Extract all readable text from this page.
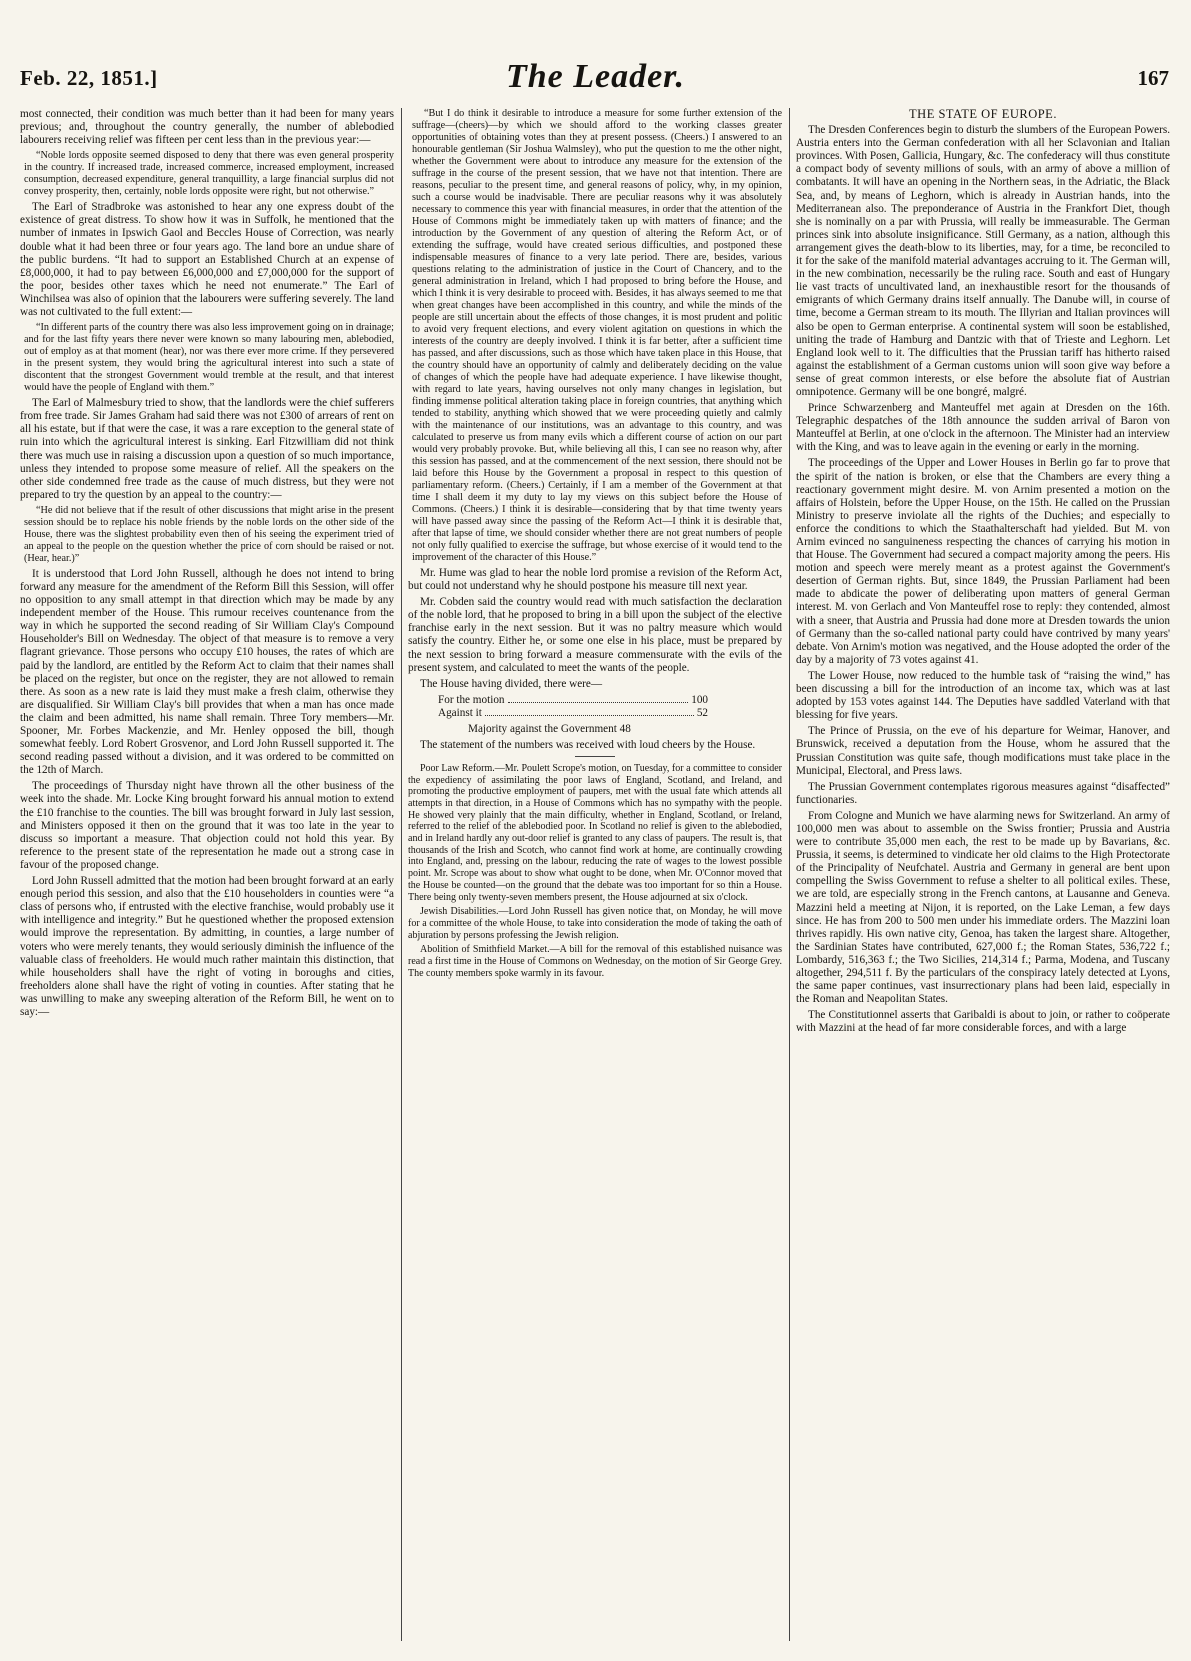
Feb. 22, 1851.]	The Leader.	167

most connected, their condition was much better than it had been for many years previous; and, throughout the country generally, the number of ablebodied labourers receiving relief was fifteen per cent less than in the previous year:—

“Noble lords opposite seemed disposed to deny that there was even general prosperity in the country. If increased trade, increased commerce, increased employment, increased consumption, decreased expenditure, general tranquillity, a large financial surplus did not convey prosperity, then, certainly, noble lords opposite were right, but not otherwise.”

The Earl of Stradbroke was astonished to hear any one express doubt of the existence of great distress. To show how it was in Suffolk, he mentioned that the number of inmates in Ipswich Gaol and Beccles House of Correction, was nearly double what it had been three or four years ago. The land bore an undue share of the public burdens. “It had to support an Established Church at an expense of £8,000,000, it had to pay between £6,000,000 and £7,000,000 for the support of the poor, besides other taxes which he need not enumerate.” The Earl of Winchilsea was also of opinion that the labourers were suffering severely. The land was not cultivated to the full extent:—

“In different parts of the country there was also less improvement going on in drainage; and for the last fifty years there never were known so many labouring men, ablebodied, out of employ as at that moment (hear), nor was there ever more crime. If they persevered in the present system, they would bring the agricultural interest into such a state of discontent that the strongest Government would tremble at the result, and that interest would have the people of England with them.”

The Earl of Malmesbury tried to show, that the landlords were the chief sufferers from free trade. Sir James Graham had said there was not £300 of arrears of rent on all his estate, but if that were the case, it was a rare exception to the general state of ruin into which the agricultural interest is sinking. Earl Fitzwilliam did not think there was much use in raising a discussion upon a question of so much importance, unless they intended to propose some measure of relief. All the speakers on the other side condemned free trade as the cause of much distress, but they were not prepared to try the question by an appeal to the country:—

“He did not believe that if the result of other discussions that might arise in the present session should be to replace his noble friends by the noble lords on the other side of the House, there was the slightest probability even then of his seeing the experiment tried of an appeal to the people on the question whether the price of corn should be raised or not. (Hear, hear.)”

It is understood that Lord John Russell, although he does not intend to bring forward any measure for the amendment of the Reform Bill this Session, will offer no opposition to any small attempt in that direction which may be made by any independent member of the House. This rumour receives countenance from the way in which he supported the second reading of Sir William Clay's Compound Householder's Bill on Wednesday. The object of that measure is to remove a very flagrant grievance. Those persons who occupy £10 houses, the rates of which are paid by the landlord, are entitled by the Reform Act to claim that their names shall be placed on the register, but once on the register, they are not allowed to remain there. As soon as a new rate is laid they must make a fresh claim, otherwise they are disqualified. Sir William Clay's bill provides that when a man has once made the claim and been admitted, his name shall remain. Three Tory members—Mr. Spooner, Mr. Forbes Mackenzie, and Mr. Henley opposed the bill, though somewhat feebly. Lord Robert Grosvenor, and Lord John Russell supported it. The second reading passed without a division, and it was ordered to be committed on the 12th of March.

The proceedings of Thursday night have thrown all the other business of the week into the shade. Mr. Locke King brought forward his annual motion to extend the £10 franchise to the counties. The bill was brought forward in July last session, and Ministers opposed it then on the ground that it was too late in the year to discuss so important a measure. That objection could not hold this year. By reference to the present state of the representation he made out a strong case in favour of the proposed change.

Lord John Russell admitted that the motion had been brought forward at an early enough period this session, and also that the £10 householders in counties were “a class of persons who, if entrusted with the elective franchise, would probably use it with intelligence and integrity.” But he questioned whether the proposed extension would improve the representation. By admitting, in counties, a large number of voters who were merely tenants, they would seriously diminish the influence of the valuable class of freeholders. He would much rather maintain this distinction, that while householders shall have the right of voting in boroughs and cities, freeholders alone shall have the right of voting in counties. After stating that he was unwilling to make any sweeping alteration of the Reform Bill, he went on to say:—

“But I do think it desirable to introduce a measure for some further extension of the suffrage—(cheers)—by which we should afford to the working classes greater opportunities of obtaining votes than they at present possess. (Cheers.) I answered to an honourable gentleman (Sir Joshua Walmsley), who put the question to me the other night, whether the Government were about to introduce any measure for the extension of the suffrage in the course of the present session, that we have not that intention. There are reasons, peculiar to the present time, and general reasons of policy, why, in my opinion, such a course would be inadvisable. There are peculiar reasons why it was absolutely necessary to commence this year with financial measures, in order that the attention of the House of Commons might be immediately taken up with matters of finance; and the introduction by the Government of any question of altering the Reform Act, or of extending the suffrage, would have created serious difficulties, and postponed these indispensable measures of finance to a very late period. There are, besides, various questions relating to the administration of justice in the Court of Chancery, and to the general administration in Ireland, which I had proposed to bring before the House, and which I think it is very desirable to proceed with. Besides, it has always seemed to me that when great changes have been accomplished in this country, and while the minds of the people are still uncertain about the effects of those changes, it is most prudent and politic to avoid very frequent elections, and every violent agitation on questions in which the interests of the country are deeply involved. I think it is far better, after a sufficient time has passed, and after discussions, such as those which have taken place in this House, that the country should have an opportunity of calmly and deliberately deciding on the value of changes of which the people have had adequate experience. I have likewise thought, with regard to late years, having ourselves not only many changes in legislation, but finding immense political alteration taking place in foreign countries, that anything which tended to stability, anything which showed that we were proceeding quietly and calmly with the maintenance of our institutions, was an advantage to this country, and was calculated to preserve us from many evils which a different course of action on our part would very probably provoke. But, while believing all this, I can see no reason why, after this session has passed, and at the commencement of the next session, there should not be laid before this House by the Government a proposal in respect to this question of parliamentary reform. (Cheers.) Certainly, if I am a member of the Government at that time I shall deem it my duty to lay my views on this subject before the House of Commons. (Cheers.) I think it is desirable—considering that by that time twenty years will have passed away since the passing of the Reform Act—I think it is desirable that, after that lapse of time, we should consider whether there are not great numbers of people not only fully qualified to exercise the suffrage, but whose exercise of it would tend to the improvement of the character of this House.”

Mr. Hume was glad to hear the noble lord promise a revision of the Reform Act, but could not understand why he should postpone his measure till next year.

Mr. Cobden said the country would read with much satisfaction the declaration of the noble lord, that he proposed to bring in a bill upon the subject of the elective franchise early in the next session. But it was no paltry measure which would satisfy the country. Either he, or some one else in his place, must be prepared by the next session to bring forward a measure commensurate with the evils of the present system, and calculated to meet the wants of the people.

The House having divided, there were—

For the motion	100
Against it	52
Majority against the Government 48

The statement of the numbers was received with loud cheers by the House.

Poor Law Reform.—Mr. Poulett Scrope's motion, on Tuesday, for a committee to consider the expediency of assimilating the poor laws of England, Scotland, and Ireland, and promoting the productive employment of paupers, met with the usual fate which attends all attempts in that direction, in a House of Commons which has no sympathy with the people. He showed very plainly that the main difficulty, whether in England, Scotland, or Ireland, referred to the relief of the ablebodied poor. In Scotland no relief is given to the ablebodied, and in Ireland hardly any out-door relief is granted to any class of paupers. The result is, that thousands of the Irish and Scotch, who cannot find work at home, are continually crowding into England, and, pressing on the labour, reducing the rate of wages to the lowest possible point. Mr. Scrope was about to show what ought to be done, when Mr. O'Connor moved that the House be counted—on the ground that the debate was too important for so thin a House. There being only twenty-seven members present, the House adjourned at six o'clock.

Jewish Disabilities.—Lord John Russell has given notice that, on Monday, he will move for a committee of the whole House, to take into consideration the mode of taking the oath of abjuration by persons professing the Jewish religion.

Abolition of Smithfield Market.—A bill for the removal of this established nuisance was read a first time in the House of Commons on Wednesday, on the motion of Sir George Grey. The county members spoke warmly in its favour.

THE STATE OF EUROPE.

The Dresden Conferences begin to disturb the slumbers of the European Powers. Austria enters into the German confederation with all her Sclavonian and Italian provinces. With Posen, Gallicia, Hungary, &c. The confederacy will thus constitute a compact body of seventy millions of souls, with an army of above a million of combatants. It will have an opening in the Northern seas, in the Adriatic, the Black Sea, and, by means of Leghorn, which is already in Austrian hands, into the Mediterranean also. The preponderance of Austria in the Frankfort Diet, though she is nominally on a par with Prussia, will really be immeasurable. The German princes sink into absolute insignificance. Still Germany, as a nation, although this arrangement gives the death-blow to its liberties, may, for a time, be reconciled to it for the sake of the manifold material advantages accruing to it. The German will, in the new combination, necessarily be the ruling race. South and east of Hungary lie vast tracts of uncultivated land, an inexhaustible resort for the thousands of emigrants of which Germany drains itself annually. The Danube will, in course of time, become a German stream to its mouth. The Illyrian and Italian provinces will also be open to German enterprise. A continental system will soon be established, uniting the trade of Hamburg and Dantzic with that of Trieste and Leghorn. Let England look well to it. The difficulties that the Prussian tariff has hitherto raised against the establishment of a German customs union will soon give way before a sense of great common interests, or else before the absolute fiat of Austrian omnipotence. Germany will be one bongré, malgré.

Prince Schwarzenberg and Manteuffel met again at Dresden on the 16th. Telegraphic despatches of the 18th announce the sudden arrival of Baron von Manteuffel at Berlin, at one o'clock in the afternoon. The Minister had an interview with the King, and was to leave again in the evening or early in the morning.

The proceedings of the Upper and Lower Houses in Berlin go far to prove that the spirit of the nation is broken, or else that the Chambers are every thing a reactionary government might desire. M. von Arnim presented a motion on the affairs of Holstein, before the Upper House, on the 15th. He called on the Prussian Ministry to preserve inviolate all the rights of the Duchies; and especially to enforce the conditions to which the Staathalterschaft had yielded. But M. von Arnim evinced no sanguineness respecting the chances of carrying his motion in that House. The Government had secured a compact majority among the peers. His motion and speech were merely meant as a protest against the Government's desertion of German rights. But, since 1849, the Prussian Parliament had been made to abdicate the power of deliberating upon matters of general German interest. M. von Gerlach and Von Manteuffel rose to reply: they contended, almost with a sneer, that Austria and Prussia had done more at Dresden towards the union of Germany than the so-called national party could have contrived by many years' debate. Von Arnim's motion was negatived, and the House adopted the order of the day by a majority of 73 votes against 41.

The Lower House, now reduced to the humble task of “raising the wind,” has been discussing a bill for the introduction of an income tax, which was at last adopted by 153 votes against 144. The Deputies have saddled Vaterland with that blessing for five years.

The Prince of Prussia, on the eve of his departure for Weimar, Hanover, and Brunswick, received a deputation from the House, whom he assured that the Prussian Constitution was quite safe, though modifications must take place in the Municipal, Electoral, and Press laws.

The Prussian Government contemplates rigorous measures against “disaffected” functionaries.

From Cologne and Munich we have alarming news for Switzerland. An army of 100,000 men was about to assemble on the Swiss frontier; Prussia and Austria were to contribute 35,000 men each, the rest to be made up by Bavarians, &c. Prussia, it seems, is determined to vindicate her old claims to the High Protectorate of the Principality of Neufchatel. Austria and Germany in general are bent upon compelling the Swiss Government to refuse a shelter to all political exiles. These, we are told, are especially strong in the French cantons, at Lausanne and Geneva. Mazzini held a meeting at Nijon, it is reported, on the Lake Leman, a few days since. He has from 200 to 500 men under his immediate orders. The Mazzini loan thrives rapidly. His own native city, Genoa, has taken the largest share. Altogether, the Sardinian States have contributed, 627,000 f.; the Roman States, 536,722 f.; Lombardy, 516,363 f.; the Two Sicilies, 214,314 f.; Parma, Modena, and Tuscany altogether, 294,511 f. By the particulars of the conspiracy lately detected at Lyons, the same paper continues, vast insurrectionary plans had been laid, especially in the Roman and Neapolitan States.

The Constitutionnel asserts that Garibaldi is about to join, or rather to coöperate with Mazzini at the head of far more considerable forces, and with a large
